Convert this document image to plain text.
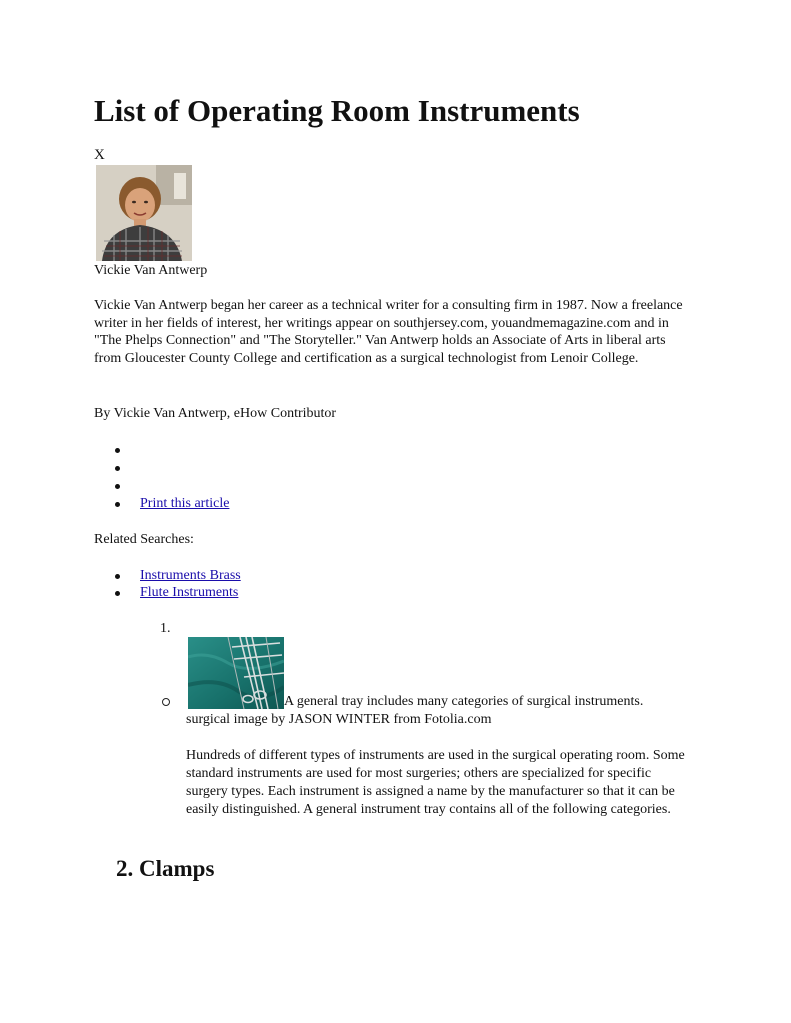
List of Operating Room Instruments
X
Vickie Van Antwerp

Vickie Van Antwerp began her career as a technical writer for a consulting firm in 1987. Now a freelance writer in her fields of interest, her writings appear on southjersey.com, youandmemagazine.com and in "The Phelps Connection" and "The Storyteller." Van Antwerp holds an Associate of Arts in liberal arts from Gloucester County College and certification as a surgical technologist from Lenoir College.

By Vickie Van Antwerp, eHow Contributor
Print this article
Related Searches:
Instruments Brass
Flute Instruments
1.
A general tray includes many categories of surgical instruments.
surgical image by JASON WINTER from Fotolia.com

Hundreds of different types of instruments are used in the surgical operating room. Some standard instruments are used for most surgeries; others are specialized for specific surgery types. Each instrument is assigned a name by the manufacturer so that it can be easily distinguished. A general instrument tray contains all of the following categories.

2. Clamps
